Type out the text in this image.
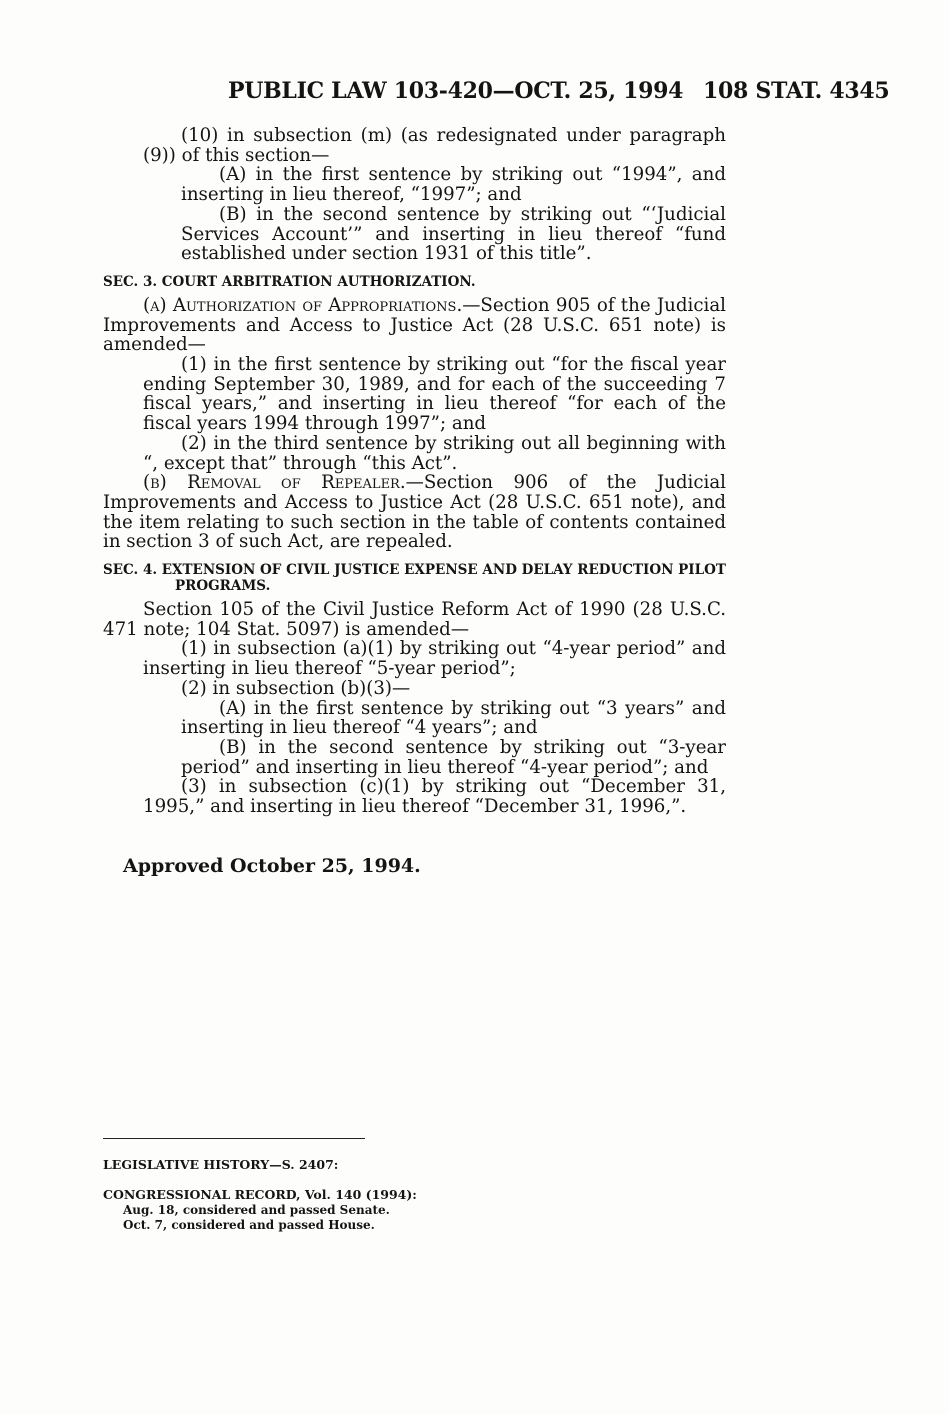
PUBLIC LAW 103-420—OCT. 25, 1994 108 STAT. 4345

(10) in subsection (m) (as redesignated under paragraph (9)) of this section—

(A) in the first sentence by striking out “1994”, and inserting in lieu thereof, “1997”; and

(B) in the second sentence by striking out “‘Judicial Services Account’” and inserting in lieu thereof “fund established under section 1931 of this title”.

SEC. 3. COURT ARBITRATION AUTHORIZATION.

(a) Authorization of Appropriations.—Section 905 of the Judicial Improvements and Access to Justice Act (28 U.S.C. 651 note) is amended—

(1) in the first sentence by striking out “for the fiscal year ending September 30, 1989, and for each of the succeeding 7 fiscal years,” and inserting in lieu thereof “for each of the fiscal years 1994 through 1997”; and

(2) in the third sentence by striking out all beginning with “, except that” through “this Act”.

(b) Removal of Repealer.—Section 906 of the Judicial Improvements and Access to Justice Act (28 U.S.C. 651 note), and the item relating to such section in the table of contents contained in section 3 of such Act, are repealed.

SEC. 4. EXTENSION OF CIVIL JUSTICE EXPENSE AND DELAY REDUCTION PILOT PROGRAMS.

Section 105 of the Civil Justice Reform Act of 1990 (28 U.S.C. 471 note; 104 Stat. 5097) is amended—

(1) in subsection (a)(1) by striking out “4-year period” and inserting in lieu thereof “5-year period”;

(2) in subsection (b)(3)—

(A) in the first sentence by striking out “3 years” and inserting in lieu thereof “4 years”; and

(B) in the second sentence by striking out “3-year period” and inserting in lieu thereof “4-year period”; and

(3) in subsection (c)(1) by striking out “December 31, 1995,” and inserting in lieu thereof “December 31, 1996,”.

Approved October 25, 1994.
LEGISLATIVE HISTORY—S. 2407:
CONGRESSIONAL RECORD, Vol. 140 (1994):
Aug. 18, considered and passed Senate.
Oct. 7, considered and passed House.
